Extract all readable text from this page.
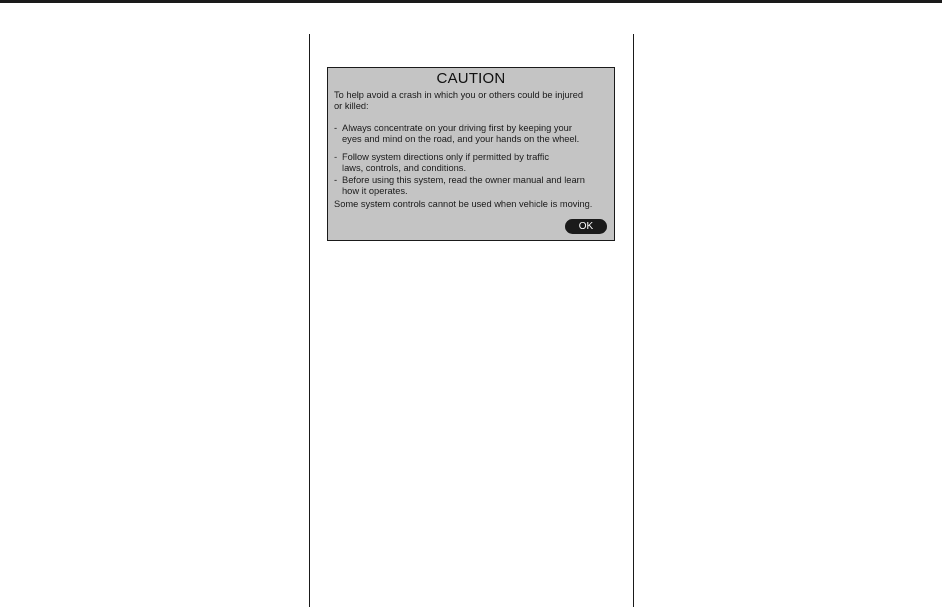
CAUTION
To help avoid a crash in which you or others could be injured
or killed:
- Always concentrate on your driving first by keeping your
eyes and mind on the road, and your hands on the wheel.
- Follow system directions only if permitted by traffic
laws, controls, and conditions.
- Before using this system, read the owner manual and learn
how it operates.
Some system controls cannot be used when vehicle is moving.
OK
